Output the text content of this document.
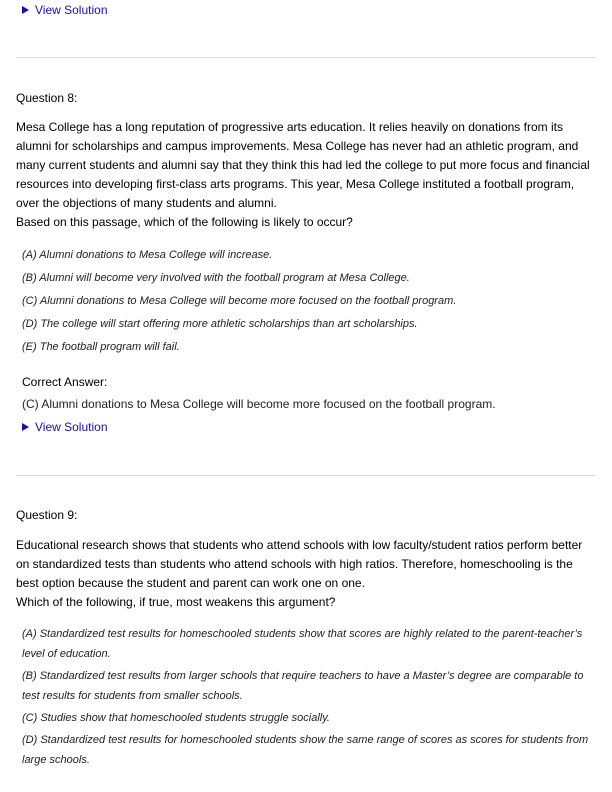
View Solution
Question 8:

Mesa College has a long reputation of progressive arts education. It relies heavily on donations from its alumni for scholarships and campus improvements. Mesa College has never had an athletic program, and many current students and alumni say that they think this had led the college to put more focus and financial resources into developing first-class arts programs. This year, Mesa College instituted a football program, over the objections of many students and alumni.

Based on this passage, which of the following is likely to occur?

(A) Alumni donations to Mesa College will increase.
(B) Alumni will become very involved with the football program at Mesa College.
(C) Alumni donations to Mesa College will become more focused on the football program.
(D) The college will start offering more athletic scholarships than art scholarships.
(E) The football program will fail.
Correct Answer:
(C) Alumni donations to Mesa College will become more focused on the football program.
View Solution
Question 9:

Educational research shows that students who attend schools with low faculty/student ratios perform better on standardized tests than students who attend schools with high ratios. Therefore, homeschooling is the best option because the student and parent can work one on one.

Which of the following, if true, most weakens this argument?

(A) Standardized test results for homeschooled students show that scores are highly related to the parent-teacher’s level of education.
(B) Standardized test results from larger schools that require teachers to have a Master’s degree are comparable to test results for students from smaller schools.
(C) Studies show that homeschooled students struggle socially.
(D) Standardized test results for homeschooled students show the same range of scores as scores for students from large schools.
